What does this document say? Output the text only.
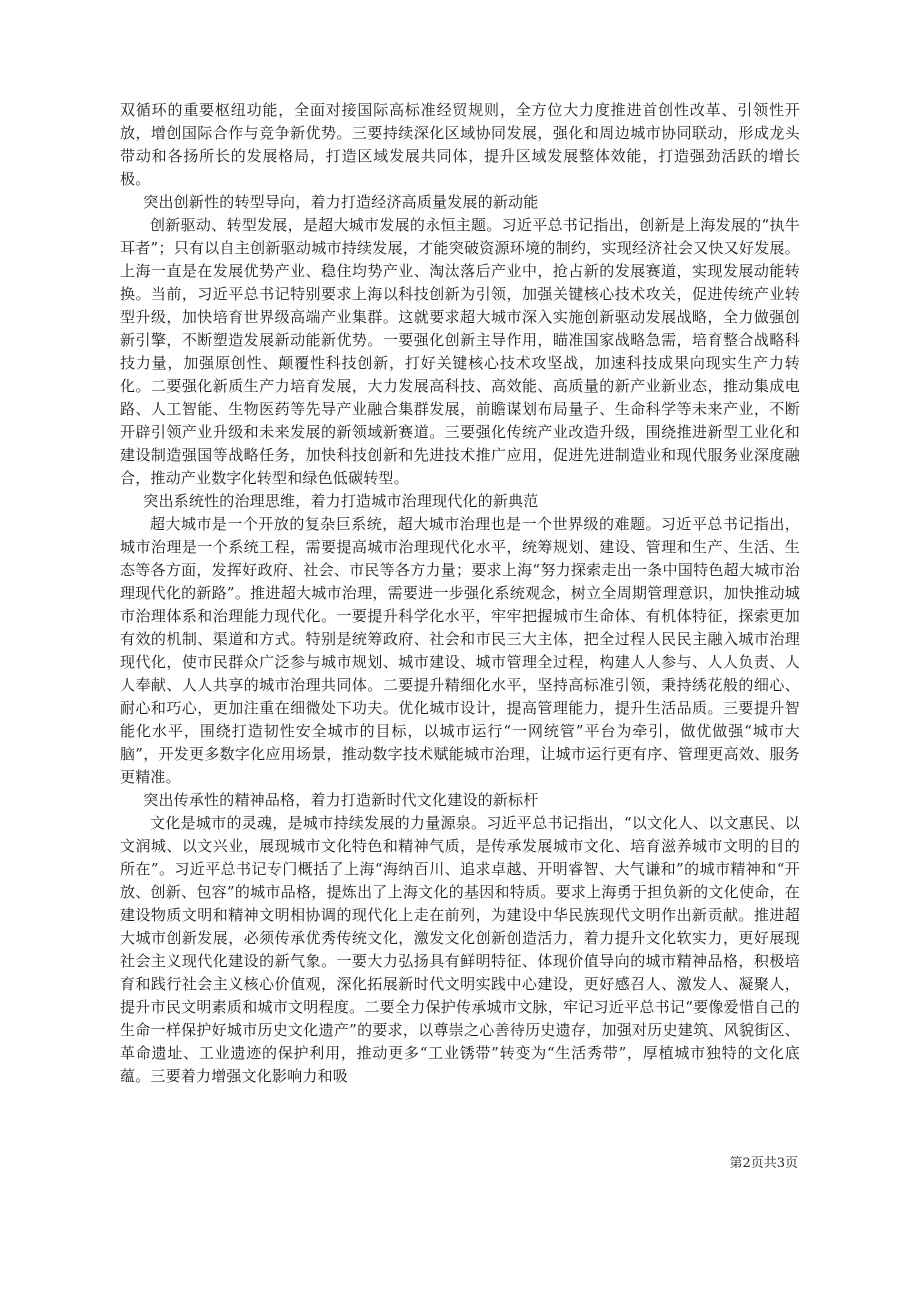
双循环的重要枢纽功能，全面对接国际高标准经贸规则，全方位大力度推进首创性改革、引领性开放，增创国际合作与竞争新优势。三要持续深化区域协同发展，强化和周边城市协同联动，形成龙头带动和各扬所长的发展格局，打造区域发展共同体，提升区域发展整体效能，打造强劲活跃的增长极。

突出创新性的转型导向，着力打造经济高质量发展的新动能

创新驱动、转型发展，是超大城市发展的永恒主题。习近平总书记指出，创新是上海发展的“执牛耳者”；只有以自主创新驱动城市持续发展，才能突破资源环境的制约，实现经济社会又快又好发展。上海一直是在发展优势产业、稳住均势产业、淘汰落后产业中，抢占新的发展赛道，实现发展动能转换。当前，习近平总书记特别要求上海以科技创新为引领，加强关键核心技术攻关，促进传统产业转型升级，加快培育世界级高端产业集群。这就要求超大城市深入实施创新驱动发展战略，全力做强创新引擎，不断塑造发展新动能新优势。一要强化创新主导作用，瞄准国家战略急需，培育整合战略科技力量，加强原创性、颠覆性科技创新，打好关键核心技术攻坚战，加速科技成果向现实生产力转化。二要强化新质生产力培育发展，大力发展高科技、高效能、高质量的新产业新业态，推动集成电路、人工智能、生物医药等先导产业融合集群发展，前瞻谋划布局量子、生命科学等未来产业，不断开辟引领产业升级和未来发展的新领域新赛道。三要强化传统产业改造升级，围绕推进新型工业化和建设制造强国等战略任务，加快科技创新和先进技术推广应用，促进先进制造业和现代服务业深度融合，推动产业数字化转型和绿色低碳转型。

突出系统性的治理思维，着力打造城市治理现代化的新典范

超大城市是一个开放的复杂巨系统，超大城市治理也是一个世界级的难题。习近平总书记指出，城市治理是一个系统工程，需要提高城市治理现代化水平，统筹规划、建设、管理和生产、生活、生态等各方面，发挥好政府、社会、市民等各方力量；要求上海“努力探索走出一条中国特色超大城市治理现代化的新路”。推进超大城市治理，需要进一步强化系统观念，树立全周期管理意识，加快推动城市治理体系和治理能力现代化。一要提升科学化水平，牢牢把握城市生命体、有机体特征，探索更加有效的机制、渠道和方式。特别是统筹政府、社会和市民三大主体，把全过程人民民主融入城市治理现代化，使市民群众广泛参与城市规划、城市建设、城市管理全过程，构建人人参与、人人负责、人人奉献、人人共享的城市治理共同体。二要提升精细化水平，坚持高标准引领，秉持绣花般的细心、耐心和巧心，更加注重在细微处下功夫。优化城市设计，提高管理能力，提升生活品质。三要提升智能化水平，围绕打造韧性安全城市的目标，以城市运行“一网统管”平台为牵引，做优做强“城市大脑”，开发更多数字化应用场景，推动数字技术赋能城市治理，让城市运行更有序、管理更高效、服务更精准。

突出传承性的精神品格，着力打造新时代文化建设的新标杆

文化是城市的灵魂，是城市持续发展的力量源泉。习近平总书记指出，“以文化人、以文惠民、以文润城、以文兴业，展现城市文化特色和精神气质，是传承发展城市文化、培育滋养城市文明的目的所在”。习近平总书记专门概括了上海“海纳百川、追求卓越、开明睿智、大气谦和”的城市精神和“开放、创新、包容”的城市品格，提炼出了上海文化的基因和特质。要求上海勇于担负新的文化使命，在建设物质文明和精神文明相协调的现代化上走在前列，为建设中华民族现代文明作出新贡献。推进超大城市创新发展，必须传承优秀传统文化，激发文化创新创造活力，着力提升文化软实力，更好展现社会主义现代化建设的新气象。一要大力弘扬具有鲜明特征、体现价值导向的城市精神品格，积极培育和践行社会主义核心价值观，深化拓展新时代文明实践中心建设，更好感召人、激发人、凝聚人，提升市民文明素质和城市文明程度。二要全力保护传承城市文脉，牢记习近平总书记“要像爱惜自己的生命一样保护好城市历史文化遗产”的要求，以尊崇之心善待历史遗存，加强对历史建筑、风貌街区、革命遗址、工业遗迹的保护利用，推动更多“工业锈带”转变为“生活秀带”，厚植城市独特的文化底蕴。三要着力增强文化影响力和吸

第2页共3页
